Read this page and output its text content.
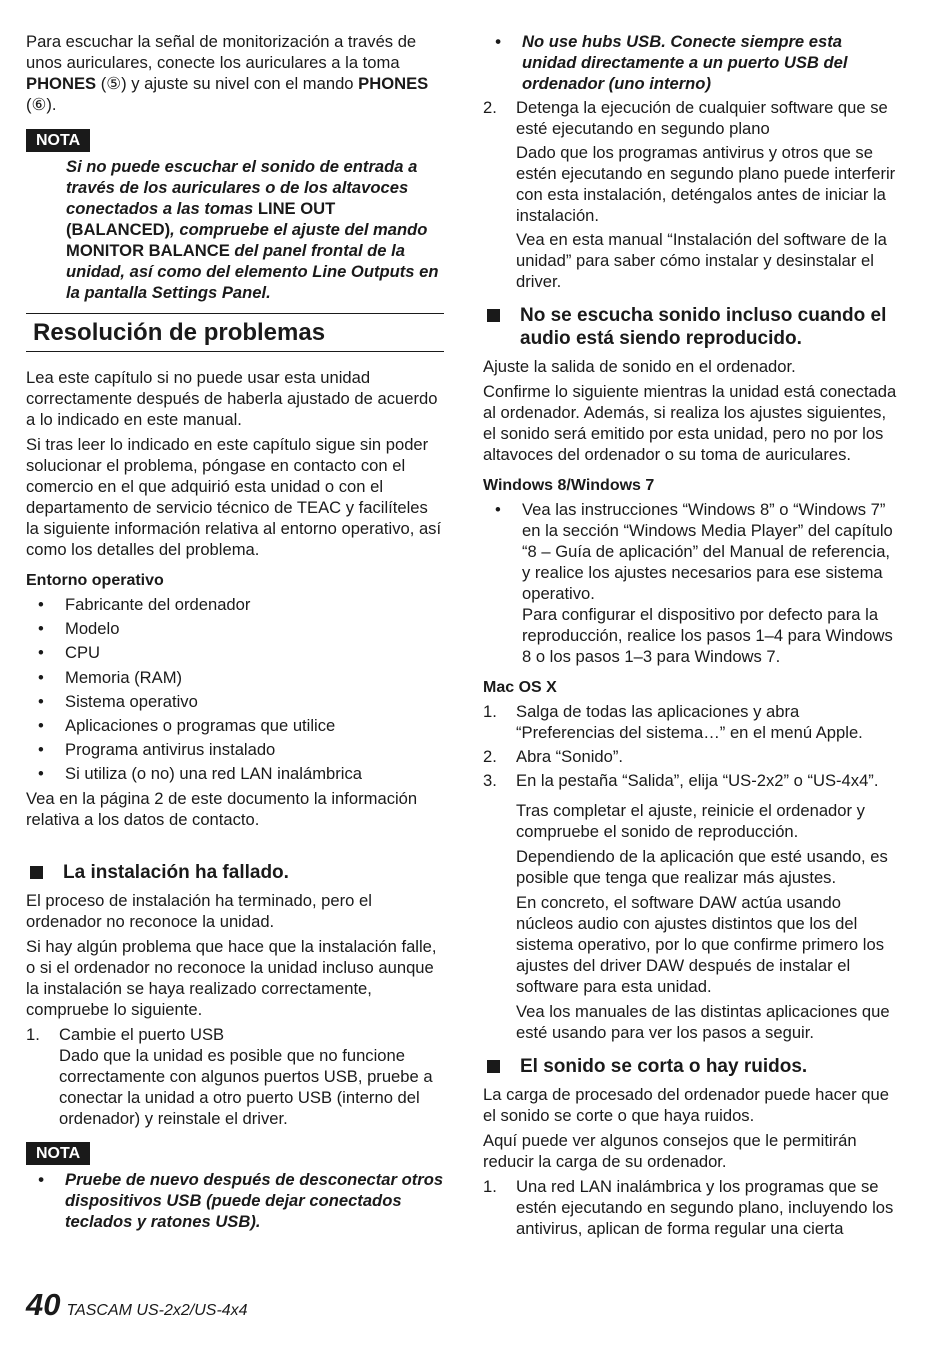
Para escuchar la señal de monitorización a través de unos auriculares, conecte los auriculares a la toma PHONES (⑤) y ajuste su nivel con el mando PHONES (⑥).

NOTA
Si no puede escuchar el sonido de entrada a través de los auriculares o de los altavoces conectados a las tomas LINE OUT (BALANCED), compruebe el ajuste del mando MONITOR BALANCE del panel frontal de la unidad, así como del elemento Line Outputs en la pantalla Settings Panel.
Resolución de problemas

Lea este capítulo si no puede usar esta unidad correctamente después de haberla ajustado de acuerdo a lo indicado en este manual.

Si tras leer lo indicado en este capítulo sigue sin poder solucionar el problema, póngase en contacto con el comercio en el que adquirió esta unidad o con el departamento de servicio técnico de TEAC y facilíteles la siguiente información relativa al entorno operativo, así como los detalles del problema.

Entorno operativo
• Fabricante del ordenador
• Modelo
• CPU
• Memoria (RAM)
• Sistema operativo
• Aplicaciones o programas que utilice
• Programa antivirus instalado
• Si utiliza (o no) una red LAN inalámbrica

Vea en la página 2 de este documento la información relativa a los datos de contacto.

La instalación ha fallado.

El proceso de instalación ha terminado, pero el ordenador no reconoce la unidad.

Si hay algún problema que hace que la instalación falle, o si el ordenador no reconoce la unidad incluso aunque la instalación se haya realizado correctamente, compruebe lo siguiente.

1. Cambie el puerto USB
Dado que la unidad es posible que no funcione correctamente con algunos puertos USB, pruebe a conectar la unidad a otro puerto USB (interno del ordenador) y reinstale el driver.
NOTA
• Pruebe de nuevo después de desconectar otros dispositivos USB (puede dejar conectados teclados y ratones USB).
• No use hubs USB. Conecte siempre esta unidad directamente a un puerto USB del ordenador (uno interno)
2. Detenga la ejecución de cualquier software que se esté ejecutando en segundo plano
Dado que los programas antivirus y otros que se estén ejecutando en segundo plano puede interferir con esta instalación, deténgalos antes de iniciar la instalación.
Vea en esta manual “Instalación del software de la unidad” para saber cómo instalar y desinstalar el driver.
No se escucha sonido incluso cuando el audio está siendo reproducido.

Ajuste la salida de sonido en el ordenador.

Confirme lo siguiente mientras la unidad está conectada al ordenador. Además, si realiza los ajustes siguientes, el sonido será emitido por esta unidad, pero no por los altavoces del ordenador o su toma de auriculares.

Windows 8/Windows 7
• Vea las instrucciones “Windows 8” o “Windows 7” en la sección “Windows Media Player” del capítulo “8 – Guía de aplicación” del Manual de referencia, y realice los ajustes necesarios para ese sistema operativo.
Para configurar el dispositivo por defecto para la reproducción, realice los pasos 1–4 para Windows 8 o los pasos 1–3 para Windows 7.
Mac OS X
1. Salga de todas las aplicaciones y abra “Preferencias del sistema…” en el menú Apple.
2. Abra “Sonido”.
3. En la pestaña “Salida”, elija “US-2x2” o “US-4x4”.

Tras completar el ajuste, reinicie el ordenador y compruebe el sonido de reproducción.

Dependiendo de la aplicación que esté usando, es posible que tenga que realizar más ajustes.

En concreto, el software DAW actúa usando núcleos audio con ajustes distintos que los del sistema operativo, por lo que confirme primero los ajustes del driver DAW después de instalar el software para esta unidad.

Vea los manuales de las distintas aplicaciones que esté usando para ver los pasos a seguir.

El sonido se corta o hay ruidos.

La carga de procesado del ordenador puede hacer que el sonido se corte o que haya ruidos.

Aquí puede ver algunos consejos que le permitirán reducir la carga de su ordenador.

1. Una red LAN inalámbrica y los programas que se estén ejecutando en segundo plano, incluyendo los antivirus, aplican de forma regular una cierta
40 TASCAM US-2x2/US-4x4
